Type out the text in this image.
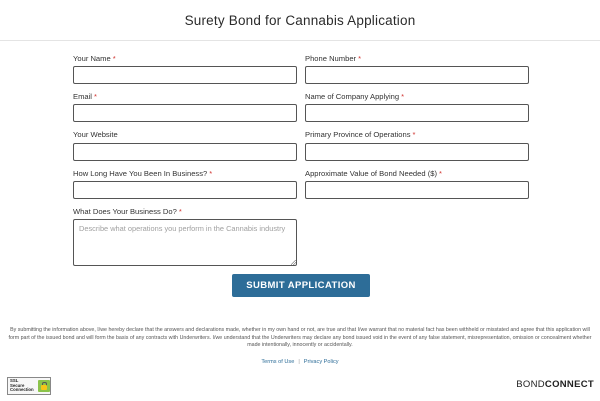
Surety Bond for Cannabis Application
Your Name *	Phone Number *
Email *	Name of Company Applying *
Your Website	Primary Province of Operations *
How Long Have You Been In Business? *	Approximate Value of Bond Needed ($) *
What Does Your Business Do? *
Describe what operations you perform in the Cannabis industry
SUBMIT APPLICATION
By submitting the information above, I/we hereby declare that the answers and declarations made, whether in my own hand or not, are true and that I/we warrant that no material fact has been withheld or misstated and agree that this application will form part of the issued bond and will form the basis of any contracts with Underwriters. I/we understand that the Underwriters may declare any bond issued void in the event of any false statement, misrepresentation, omission or concealment whether made intentionally, innocently or accidentally.
Terms of Use | Privacy Policy
SSL
Secure
Connection	BONDCONNECT
